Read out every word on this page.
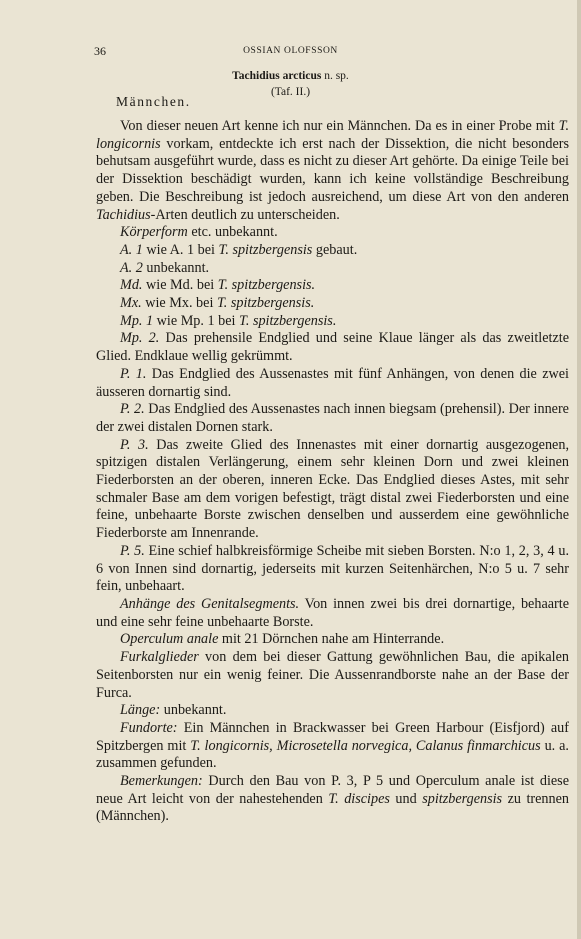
36	OSSIAN OLOFSSON
Tachidius arcticus n. sp.
(Taf. II.)
Männchen.

Von dieser neuen Art kenne ich nur ein Männchen. Da es in einer Probe mit T. longicornis vorkam, entdeckte ich erst nach der Dissektion, die nicht besonders behutsam ausgeführt wurde, dass es nicht zu dieser Art gehörte. Da einige Teile bei der Dissektion beschädigt wurden, kann ich keine vollständige Beschreibung geben. Die Beschreibung ist jedoch ausreichend, um diese Art von den anderen Tachidius-Arten deutlich zu unterscheiden.

Körperform etc. unbekannt.

A. 1 wie A. 1 bei T. spitzbergensis gebaut.

A. 2 unbekannt.

Md. wie Md. bei T. spitzbergensis.

Mx. wie Mx. bei T. spitzbergensis.

Mp. 1 wie Mp. 1 bei T. spitzbergensis.

Mp. 2. Das prehensile Endglied und seine Klaue länger als das zweitletzte Glied. Endklaue wellig gekrümmt.

P. 1. Das Endglied des Aussenastes mit fünf Anhängen, von denen die zwei äusseren dornartig sind.

P. 2. Das Endglied des Aussenastes nach innen biegsam (prehensil). Der innere der zwei distalen Dornen stark.

P. 3. Das zweite Glied des Innenastes mit einer dornartig ausgezogenen, spitzigen distalen Verlängerung, einem sehr kleinen Dorn und zwei kleinen Fiederborsten an der oberen, inneren Ecke. Das Endglied dieses Astes, mit sehr schmaler Base am dem vorigen befestigt, trägt distal zwei Fiederborsten und eine feine, unbehaarte Borste zwischen denselben und ausserdem eine gewöhnliche Fiederborste am Innenrande.

P. 5. Eine schief halbkreisförmige Scheibe mit sieben Borsten. N:o 1, 2, 3, 4 u. 6 von Innen sind dornartig, jederseits mit kurzen Seitenhärchen, N:o 5 u. 7 sehr fein, unbehaart.

Anhänge des Genitalsegments. Von innen zwei bis drei dornartige, behaarte und eine sehr feine unbehaarte Borste.

Operculum anale mit 21 Dörnchen nahe am Hinterrande.

Furkalglieder von dem bei dieser Gattung gewöhnlichen Bau, die apikalen Seitenborsten nur ein wenig feiner. Die Aussenrandborste nahe an der Base der Furca.

Länge: unbekannt.

Fundorte: Ein Männchen in Brackwasser bei Green Harbour (Eisfjord) auf Spitzbergen mit T. longicornis, Microsetella norvegica, Calanus finmarchicus u. a. zusammen gefunden.

Bemerkungen: Durch den Bau von P. 3, P 5 und Operculum anale ist diese neue Art leicht von der nahestehenden T. discipes und spitzbergensis zu trennen (Männchen).
